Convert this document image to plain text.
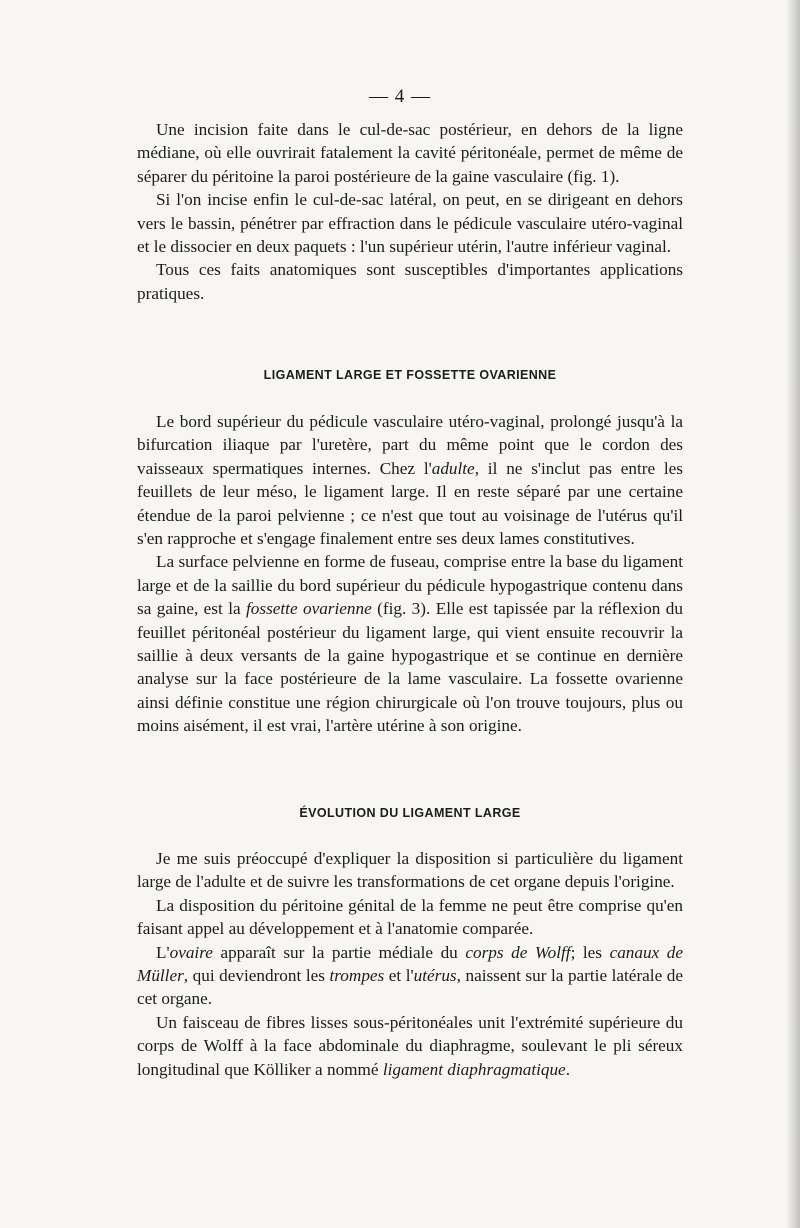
— 4 —

Une incision faite dans le cul-de-sac postérieur, en dehors de la ligne médiane, où elle ouvrirait fatalement la cavité péritonéale, permet de même de séparer du péritoine la paroi postérieure de la gaine vasculaire (fig. 1).

Si l'on incise enfin le cul-de-sac latéral, on peut, en se dirigeant en dehors vers le bassin, pénétrer par effraction dans le pédicule vasculaire utéro-vaginal et le dissocier en deux paquets : l'un supérieur utérin, l'autre inférieur vaginal.

Tous ces faits anatomiques sont susceptibles d'importantes applications pratiques.

LIGAMENT LARGE ET FOSSETTE OVARIENNE

Le bord supérieur du pédicule vasculaire utéro-vaginal, prolongé jusqu'à la bifurcation iliaque par l'uretère, part du même point que le cordon des vaisseaux spermatiques internes. Chez l'adulte, il ne s'inclut pas entre les feuillets de leur méso, le ligament large. Il en reste séparé par une certaine étendue de la paroi pelvienne ; ce n'est que tout au voisinage de l'utérus qu'il s'en rapproche et s'engage finalement entre ses deux lames constitutives.

La surface pelvienne en forme de fuseau, comprise entre la base du ligament large et de la saillie du bord supérieur du pédicule hypogastrique contenu dans sa gaine, est la fossette ovarienne (fig. 3). Elle est tapissée par la réflexion du feuillet péritonéal postérieur du ligament large, qui vient ensuite recouvrir la saillie à deux versants de la gaine hypogastrique et se continue en dernière analyse sur la face postérieure de la lame vasculaire. La fossette ovarienne ainsi définie constitue une région chirurgicale où l'on trouve toujours, plus ou moins aisément, il est vrai, l'artère utérine à son origine.

ÉVOLUTION DU LIGAMENT LARGE

Je me suis préoccupé d'expliquer la disposition si particulière du ligament large de l'adulte et de suivre les transformations de cet organe depuis l'origine.

La disposition du péritoine génital de la femme ne peut être comprise qu'en faisant appel au développement et à l'anatomie comparée.

L'ovaire apparaît sur la partie médiale du corps de Wolff; les canaux de Müller, qui deviendront les trompes et l'utérus, naissent sur la partie latérale de cet organe.

Un faisceau de fibres lisses sous-péritonéales unit l'extrémité supérieure du corps de Wolff à la face abdominale du diaphragme, soulevant le pli séreux longitudinal que Kölliker a nommé ligament diaphragmatique.
